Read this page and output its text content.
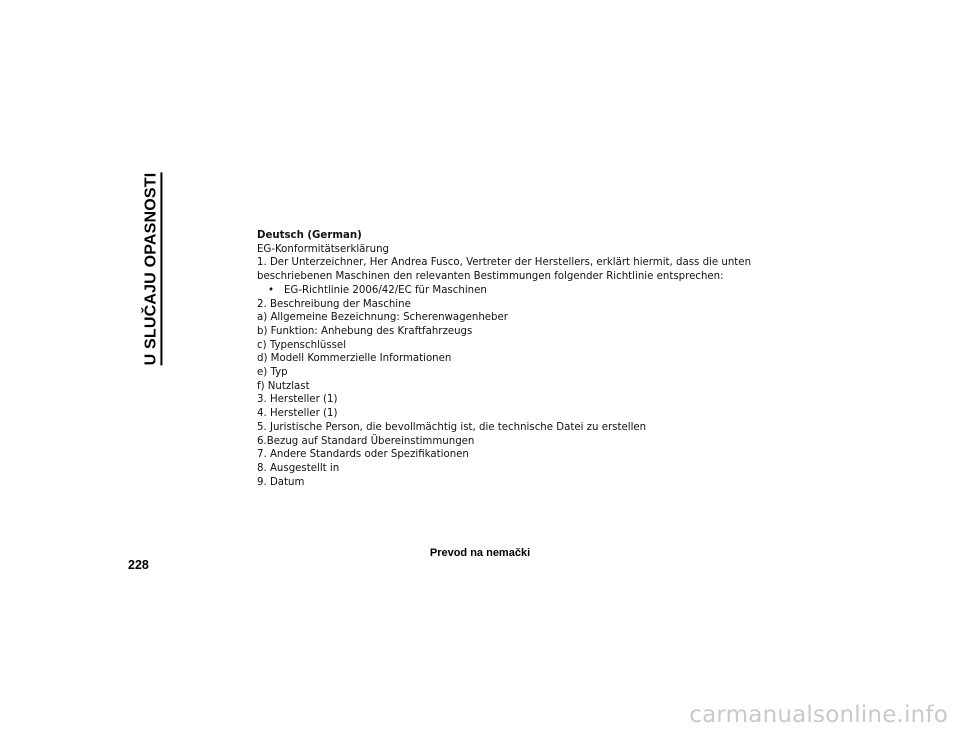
U SLUČAJU OPASNOSTI	Deutsch (German)
EG-Konformitätserklärung
1. Der Unterzeichner, Her Andrea Fusco, Vertreter der Herstellers, erklärt hiermit, dass die unten
beschriebenen Maschinen den relevanten Bestimmungen folgender Richtlinie entsprechen:
• EG-Richtlinie 2006/42/EC für Maschinen
2. Beschreibung der Maschine
a) Allgemeine Bezeichnung: Scherenwagenheber
b) Funktion: Anhebung des Kraftfahrzeugs
c) Typenschlüssel
d) Modell Kommerzielle Informationen
e) Typ
f) Nutzlast
3. Hersteller (1)
4. Hersteller (1)
5. Juristische Person, die bevollmächtig ist, die technische Datei zu erstellen
6.Bezug auf Standard Übereinstimmungen
7. Andere Standards oder Spezifikationen
8. Ausgestellt in
9. Datum
Prevod na nemački
228
carmanualsonline.info
